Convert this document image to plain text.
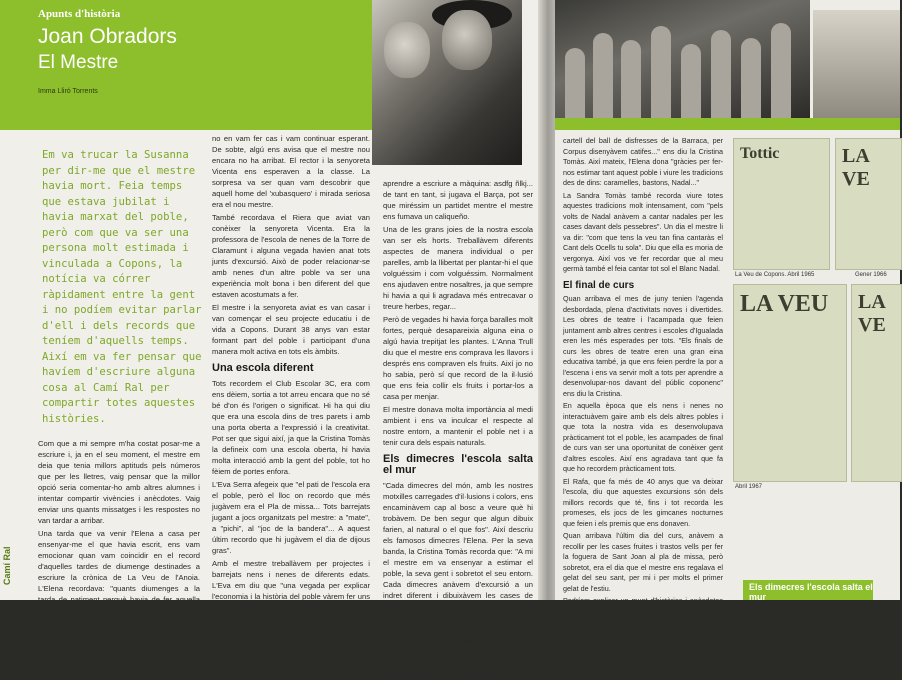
Apunts d'història
Joan Obradors
El Mestre
Imma Lliró Torrents

Em va trucar la Susanna per dir-me que el mestre havia mort. Feia temps que estava jubilat i havia marxat del poble, però com que va ser una persona molt estimada i vinculada a Copons, la notícia va córrer ràpidament entre la gent i no podíem evitar parlar d'ell i dels records que teníem d'aquells temps. Així em va fer pensar que havíem d'escriure alguna cosa al Camí Ral per compartir totes aquestes històries.

Com que a mi sempre m'ha costat posar-me a escriure i, ja en el seu moment, el mestre em deia que tenia millors aptituds pels números que per les lletres, vaig pensar que la millor opció seria comentar-ho amb altres alumnes i intentar compartir vivències i anècdotes. Vaig enviar uns quants missatges i les respostes no van tardar a arribar.

Una tarda que va venir l'Elena a casa per ensenyar-me el que havia escrit, ens vam emocionar quan vam coincidir en el record d'aquelles tardes de diumenge destinades a escriure la crònica de La Veu de l'Anoia. L'Elena recordava: "quants diumenges a la tarda de patiment perquè havia de fer aquella notícia que després ell corregiria i ens faria ampliaria... Però el cas és que sortia

no en vam fer cas i vam continuar esperant. De sobte, algú ens avisa que el mestre nou encara no ha arribat. El rector i la senyoreta Vicenta ens esperaven a la classe. La sorpresa va ser quan vam descobrir que aquell home del 'xubasquero' i mirada seriosa era el nou mestre.

També recordava el Riera que aviat van conèixer la senyoreta Vicenta. Era la professora de l'escola de nenes de la Torre de Claramunt i alguna vegada havien anat tots junts d'excursió. Això de poder relacionar-se amb nenes d'un altre poble va ser una experiència molt bona i ben diferent del que estaven acostumats a fer.

El mestre i la senyoreta aviat es van casar i van començar el seu projecte educatiu i de vida a Copons. Durant 38 anys van estar formant part del poble i participant d'una manera molt activa en tots els àmbits.

Una escola diferent

Tots recordem el Club Escolar 3C, era com ens dèiem, sortia a tot arreu encara que no sé bé d'on és l'origen o significat. Hi ha qui diu que era una escola dins de tres parets i amb una porta oberta a l'expressió i la creativitat. Pot ser que sigui així, ja que la Cristina Tomàs la defineix com una escola oberta, hi havia molta interacció amb la gent del poble, tot ho fèiem de portes enfora.

L'Eva Serra afegeix que "el pati de l'escola era el poble, però el lloc on recordo que més jugàvem era el Pla de missa... Tots barrejats jugant a jocs organitzats pel mestre: a "mate", a "pichi", al "joc de la bandera"... A aquest últim recordo que hi jugàvem el dia de dijous gras".

Amb el mestre treballàvem per projectes i barrejats nens i nenes de diferents edats. L'Eva em diu que "una vegada per explicar l'economia i la història del poble vàrem fer uns murals. Tots els alumnes dels 6 fins als 14 anys aprenent els mateixos continguts, cadascú en el seu nivell". Recorde que un dels projectes importants va ser La Flora Catalana

aprendre a escriure a màquina: asdfg ñlkj... de tant en tant, si jugava el Barça, pot ser que miréssim un partidet mentre el mestre ens fumava un caliqueño.

Una de les grans joies de la nostra escola van ser els horts. Treballàvem diferents aspectes de manera individual o per parelles, amb la llibertat per plantar-hi el que volguéssim i com volguéssim. Normalment ens ajudaven entre nosaltres, ja que sempre hi havia a qui li agradava més entrecavar o treure herbes, regar...

Però de vegades hi havia força baralles molt fortes, perquè desapareixia alguna eina o algú havia trepitjat les plantes. L'Anna Trull diu que el mestre ens comprava les llavors i després ens compraven els fruits. Així jo no ho sabia, però sí que record de la il·lusió que ens feia collir els fruits i portar-los a casa per menjar.

El mestre donava molta importància al medi ambient i ens va inculcar el respecte al nostre entorn, a mantenir el poble net i a tenir cura dels espais naturals.

Els dimecres l'escola salta el mur

"Cada dimecres del món, amb les nostres motxilles carregades d'il·lusions i colors, ens encaminàvem cap al bosc a veure què hi trobàvem. De ben segur que algun dibuix farien, al natural o el que fos". Així descriu els famosos dimecres l'Elena. Per la seva banda, la Cristina Tomàs recorda que: "A mi el mestre em va ensenyar a estimar el poble, la seva gent i sobretot el seu entorn. Cada dimecres anàvem d'excursió a un indret diferent i dibuixàvem les cases de pagès del voltant".

Les excursions dels dimecres són uns dels millors records que tenim d'aquella època, gairebé tots hem sortit per explicar d'aquelles sortides. En vaig trobar un dia després de sopar amb l'Anna Trull i el Pere Puig i ràpidament va sortir el tema.

Camí Ral

cartell del ball de disfresses de la Barraca, per Corpus disenyàvem catifes..." ens diu la Cristina Tomàs. Així mateix, l'Elena dona "gràcies per fer-nos estimar tant aquest poble i viure les tradicions des de dins: caramelles, bastons, Nadal..."

La Sandra Tomàs també recorda viure totes aquestes tradicions molt intensament, com "pels volts de Nadal anàvem a cantar nadales per les cases davant dels pessebres". Un dia el mestre li va dir: "com que tens la veu tan fina cantaràs el Cant dels Ocells tu sola". Diu que ella es moria de vergonya. Així vos ve fer recordar que al meu germà també el feia cantar tot sol el Blanc Nadal.

El final de curs

Quan arribava el mes de juny tenien l'agenda desbordada, plena d'activitats noves i divertides. Les obres de teatre i l'acampada que feien juntament amb altres centres i escoles d'Igualada eren les més esperades per tots. "Els finals de curs les obres de teatre eren una gran eina educativa també, ja que ens feien perdre la por a l'escena i ens va servir molt a tots per aprendre a desenvolupar-nos davant del públic coponenc" ens diu la Cristina.

En aquella època que els nens i nenes no interactuàvem gaire amb els dels altres pobles i que tota la nostra vida es desenvolupava pràcticament tot el poble, les acampades de final de curs van ser una oportunitat de conèixer gent d'altres escoles. Així ens agradava tant que fa que ho recordem pràcticament tots.

El Rafa, que fa més de 40 anys que va deixar l'escola, diu que aquestes excursions són dels millors records que té, fins i tot recorda les promeses, els jocs de les gimcanes nocturnes que feien i els premis que ens donaven.

Quan arribava l'últim dia del curs, anàvem a recollir per les cases fruites i trastos vells per fer la foguera de Sant Joan al pla de missa, però sobretot, era el dia que el mestre ens regalava el gelat del seu sant, per mi i per molts el primer gelat de l'estiu.

Podríem explicar un munt d'històries i anècdotes d'aquella època, però el més important és el que ens ha quedat de tot plegat, el que ens van aportar aquells anys a l'escola.

Tottic
La Veu de Copons. Abril 1965
LA VE
Gener 1966
LA VEU
Abril 1967
LA VE
Els dimecres l'escola salta el mur
